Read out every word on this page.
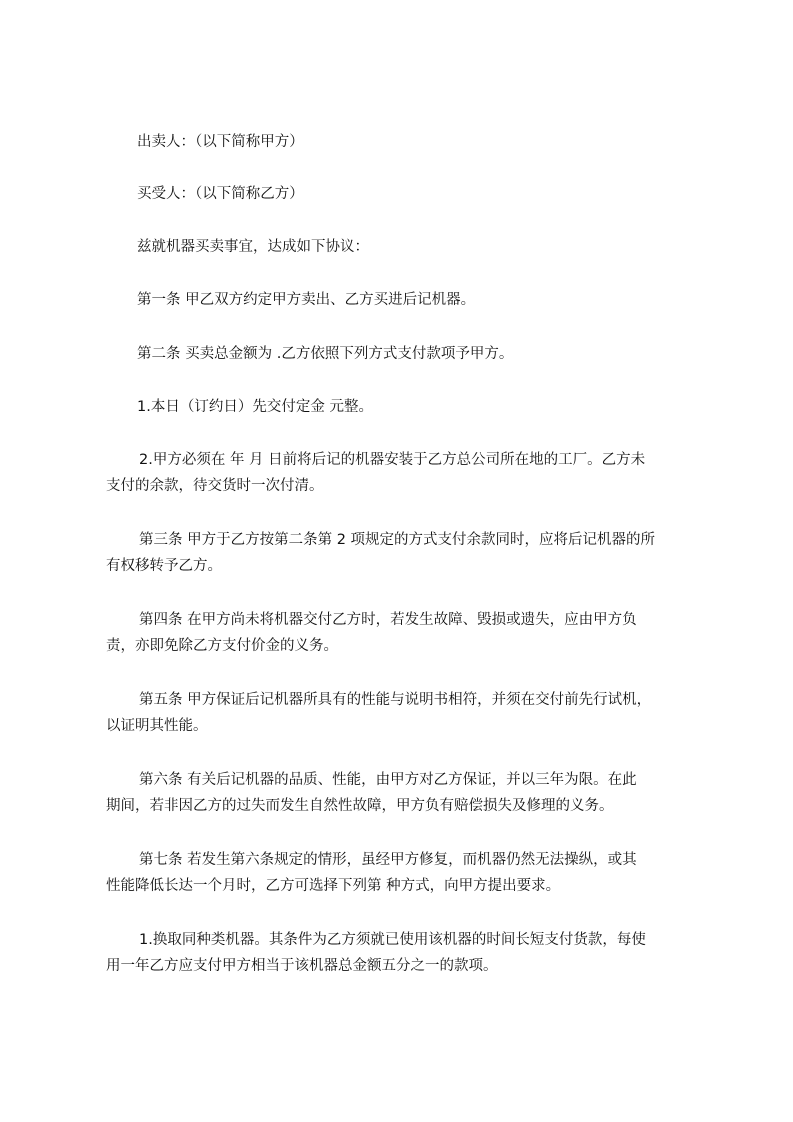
出卖人：（以下简称甲方）
买受人：（以下简称乙方）
兹就机器买卖事宜，达成如下协议：
第一条 甲乙双方约定甲方卖出、乙方买进后记机器。
第二条 买卖总金额为 .乙方依照下列方式支付款项予甲方。
1.本日（订约日）先交付定金 元整。
2.甲方必须在 年 月 日前将后记的机器安装于乙方总公司所在地的工厂。乙方未
支付的余款，待交货时一次付清。
第三条 甲方于乙方按第二条第 2 项规定的方式支付余款同时，应将后记机器的所
有权移转予乙方。
第四条 在甲方尚未将机器交付乙方时，若发生故障、毁损或遗失，应由甲方负
责，亦即免除乙方支付价金的义务。
第五条 甲方保证后记机器所具有的性能与说明书相符，并须在交付前先行试机，
以证明其性能。
第六条 有关后记机器的品质、性能，由甲方对乙方保证，并以三年为限。在此
期间，若非因乙方的过失而发生自然性故障，甲方负有赔偿损失及修理的义务。
第七条 若发生第六条规定的情形，虽经甲方修复，而机器仍然无法操纵，或其
性能降低长达一个月时，乙方可选择下列第 种方式，向甲方提出要求。
1.换取同种类机器。其条件为乙方须就已使用该机器的时间长短支付货款，每使
用一年乙方应支付甲方相当于该机器总金额五分之一的款项。
